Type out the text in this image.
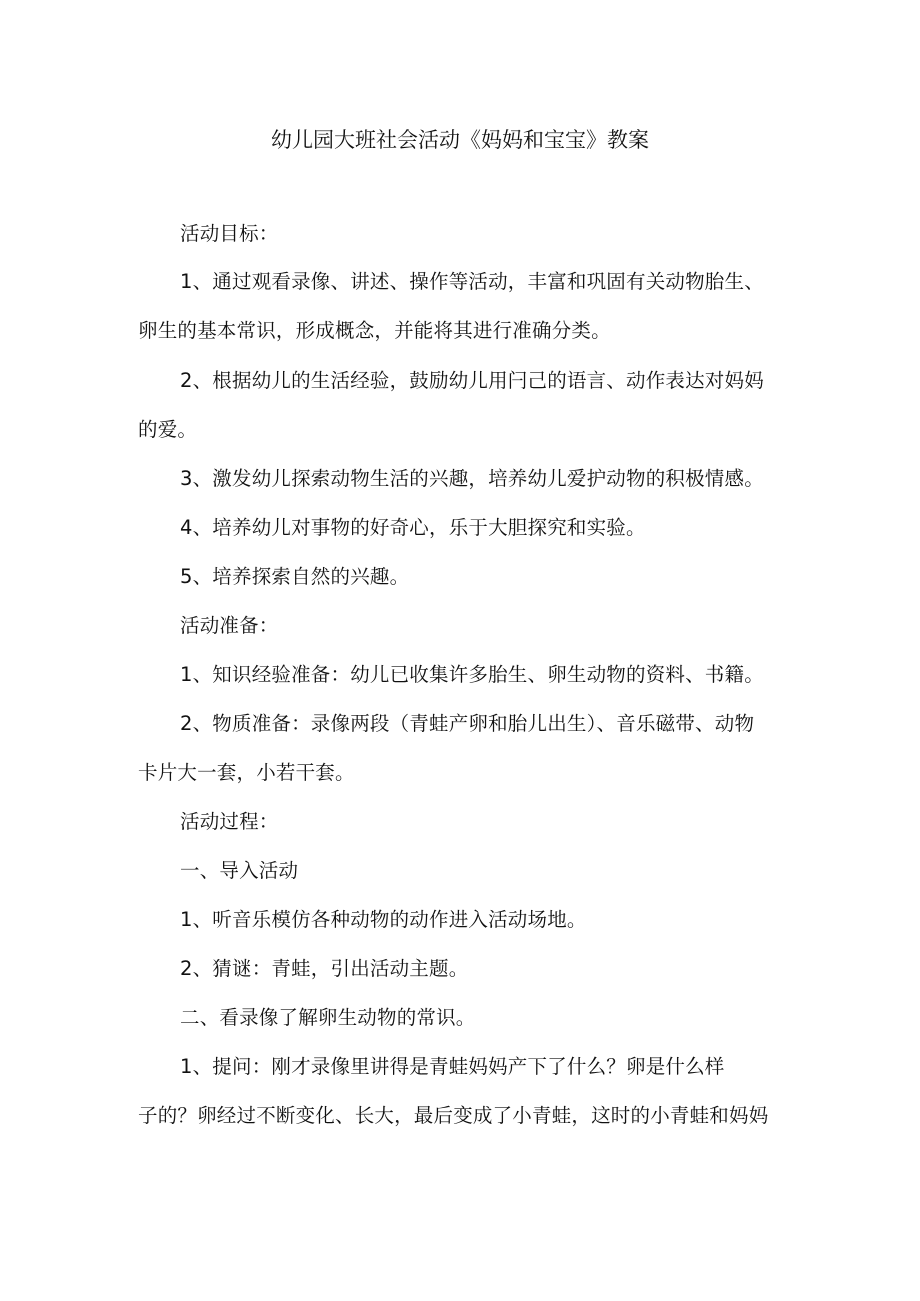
幼儿园大班社会活动《妈妈和宝宝》教案
活动目标：
1、通过观看录像、讲述、操作等活动，丰富和巩固有关动物胎生、
卵生的基本常识，形成概念，并能将其进行准确分类。
2、根据幼儿的生活经验，鼓励幼儿用闩己的语言、动作表达对妈妈
的爱。
3、激发幼儿探索动物生活的兴趣，培养幼儿爱护动物的积极情感。
4、培养幼儿对事物的好奇心，乐于大胆探究和实验。
5、培养探索自然的兴趣。
活动准备：
1、知识经验准备：幼儿已收集许多胎生、卵生动物的资料、书籍。
2、物质准备：录像两段（青蛙产卵和胎儿出生）、音乐磁带、动物
卡片大一套，小若干套。
活动过程：
一、导入活动
1、听音乐模仿各种动物的动作进入活动场地。
2、猜谜：青蛙，引出活动主题。
二、看录像了解卵生动物的常识。
1、提问：刚才录像里讲得是青蛙妈妈产下了什么？卵是什么样
子的？卵经过不断变化、长大，最后变成了小青蛙，这时的小青蛙和妈妈
